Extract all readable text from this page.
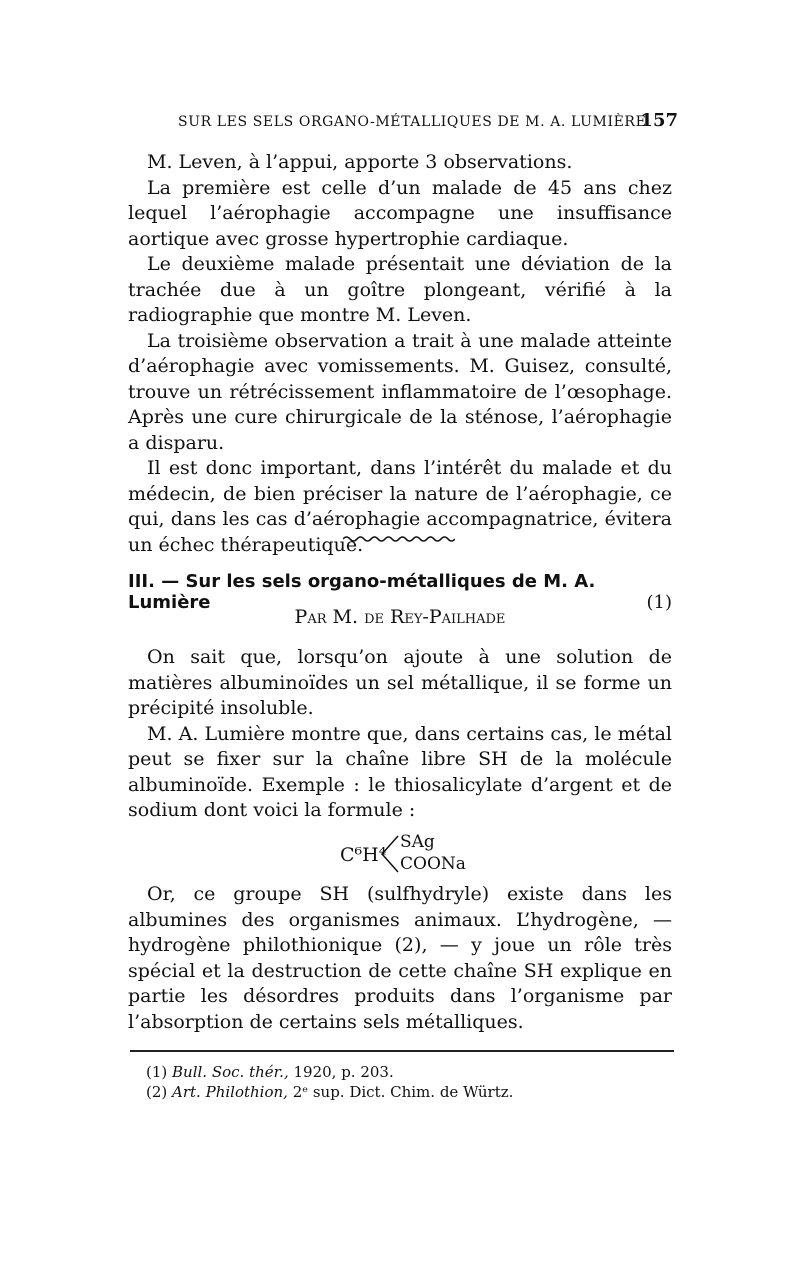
SUR LES SELS ORGANO-MÉTALLIQUES DE M. A. LUMIÈRE
157

M. Leven, à l’appui, apporte 3 observations.

La première est celle d’un malade de 45 ans chez lequel l’aérophagie accompagne une insuffisance aortique avec grosse hypertrophie cardiaque.

Le deuxième malade présentait une déviation de la trachée due à un goître plongeant, vérifié à la radiographie que montre M. Leven.

La troisième observation a trait à une malade atteinte d’aérophagie avec vomissements. M. Guisez, consulté, trouve un rétrécissement inflammatoire de l’œsophage. Après une cure chirurgicale de la sténose, l’aérophagie a disparu.

Il est donc important, dans l’intérêt du malade et du médecin, de bien préciser la nature de l’aérophagie, ce qui, dans les cas d’aérophagie accompagnatrice, évitera un échec thérapeutique.

III. — Sur les sels organo-métalliques de M. A. Lumière	(1)
Par M. de Rey-Pailhade

On sait que, lorsqu’on ajoute à une solution de matières albuminoïdes un sel métallique, il se forme un précipité insoluble.

M. A. Lumière montre que, dans certains cas, le métal peut se fixer sur la chaîne libre SH de la molécule albuminoïde. Exemple : le thiosalicylate d’argent et de sodium dont voici la formule :

C⁶H⁴
SAg
COONa

Or, ce groupe SH (sulfhydryle) existe dans les albumines des organismes animaux. L’hydrogène, — hydrogène philothionique (2), — y joue un rôle très spécial et la destruction de cette chaîne SH explique en partie les désordres produits dans l’organisme par l’absorption de certains sels métalliques.

(1) Bull. Soc. thér., 1920, p. 203.
(2) Art. Philothion, 2ᵉ sup. Dict. Chim. de Würtz.
